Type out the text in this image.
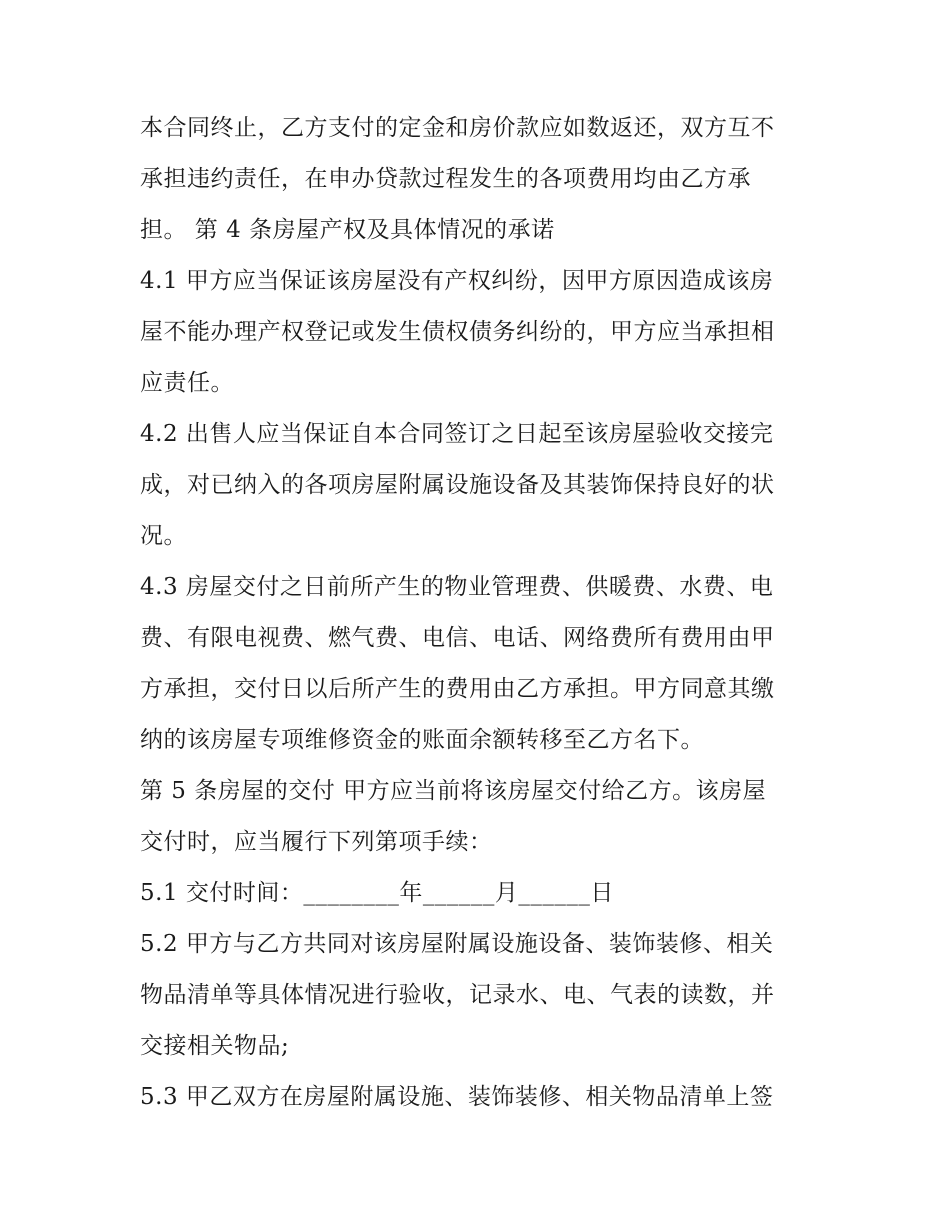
本合同终止，乙方支付的定金和房价款应如数返还，双方互不
承担违约责任，在申办贷款过程发生的各项费用均由乙方承
担。 第 4 条房屋产权及具体情况的承诺
4.1 甲方应当保证该房屋没有产权纠纷，因甲方原因造成该房
屋不能办理产权登记或发生债权债务纠纷的，甲方应当承担相
应责任。
4.2 出售人应当保证自本合同签订之日起至该房屋验收交接完
成，对已纳入的各项房屋附属设施设备及其装饰保持良好的状
况。
4.3 房屋交付之日前所产生的物业管理费、供暖费、水费、电
费、有限电视费、燃气费、电信、电话、网络费所有费用由甲
方承担，交付日以后所产生的费用由乙方承担。甲方同意其缴
纳的该房屋专项维修资金的账面余额转移至乙方名下。
第 5 条房屋的交付 甲方应当前将该房屋交付给乙方。该房屋
交付时，应当履行下列第项手续：
5.1 交付时间：________年______月______日
5.2 甲方与乙方共同对该房屋附属设施设备、装饰装修、相关
物品清单等具体情况进行验收，记录水、电、气表的读数，并
交接相关物品;
5.3 甲乙双方在房屋附属设施、装饰装修、相关物品清单上签
